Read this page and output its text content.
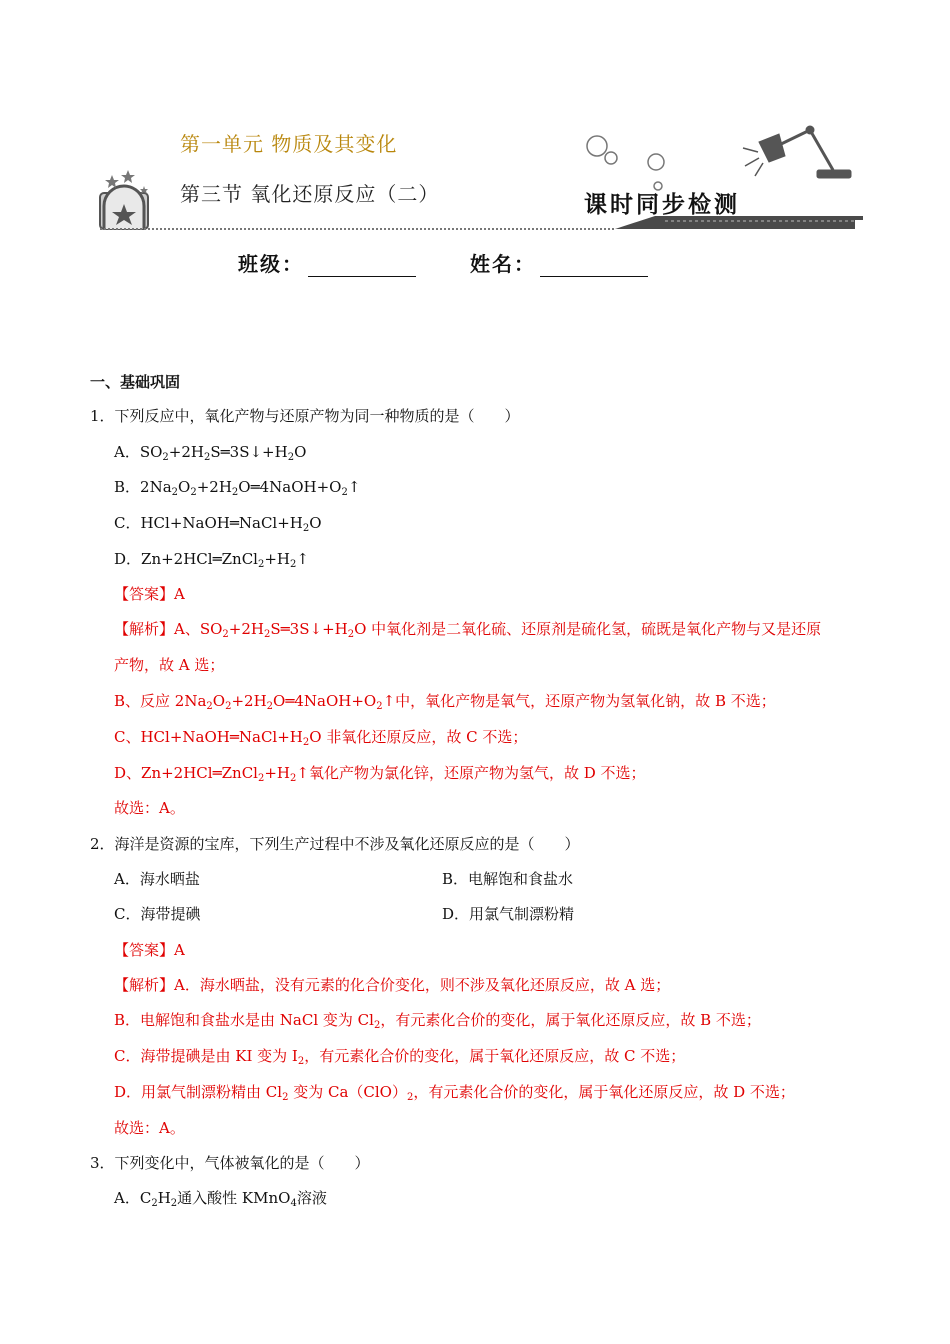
第一单元 物质及其变化
第三节 氧化还原反应（二）	课时同步检测
班级：	姓名：
一、基础巩固
1．下列反应中，氧化产物与还原产物为同一种物质的是（　　）
A．$SO_2+2H_2S═3S↓+H_2O$
B．$2Na_2O_2+2H_2O═4NaOH+O_2↑$
C．$HCl+NaOH═NaCl+H_2O$
D．$Zn+2HCl═ZnCl_2+H_2↑$
【答案】A
【解析】A、$SO_2+2H_2S═3S↓+H_2O$ 中氧化剂是二氧化硫、还原剂是硫化氢，硫既是氧化产物与又是还原
产物，故 A 选；
B、反应 $2Na_2O_2+2H_2O═4NaOH+O_2↑$中，氧化产物是氧气，还原产物为氢氧化钠，故 B 不选；
C、$HCl+NaOH═NaCl+H_2O$ 非氧化还原反应，故 C 不选；
D、$Zn+2HCl═ZnCl_2+H_2↑$氧化产物为氯化锌，还原产物为氢气，故 D 不选；
故选：A。
2．海洋是资源的宝库，下列生产过程中不涉及氧化还原反应的是（　　）
A．海水晒盐	B．电解饱和食盐水
C．海带提碘	D．用氯气制漂粉精
【答案】A
【解析】A．海水晒盐，没有元素的化合价变化，则不涉及氧化还原反应，故 A 选；
B．电解饱和食盐水是由 NaCl 变为 $Cl_2$，有元素化合价的变化，属于氧化还原反应，故 B 不选；
C．海带提碘是由 KI 变为 $I_2$，有元素化合价的变化，属于氧化还原反应，故 C 不选；
D．用氯气制漂粉精由 $Cl_2$ 变为 $Ca(ClO)_2$，有元素化合价的变化，属于氧化还原反应，故 D 不选；
故选：A。
3．下列变化中，气体被氧化的是（　　）
A．$C_2H_2$通入酸性 KMnO$_4$溶液
